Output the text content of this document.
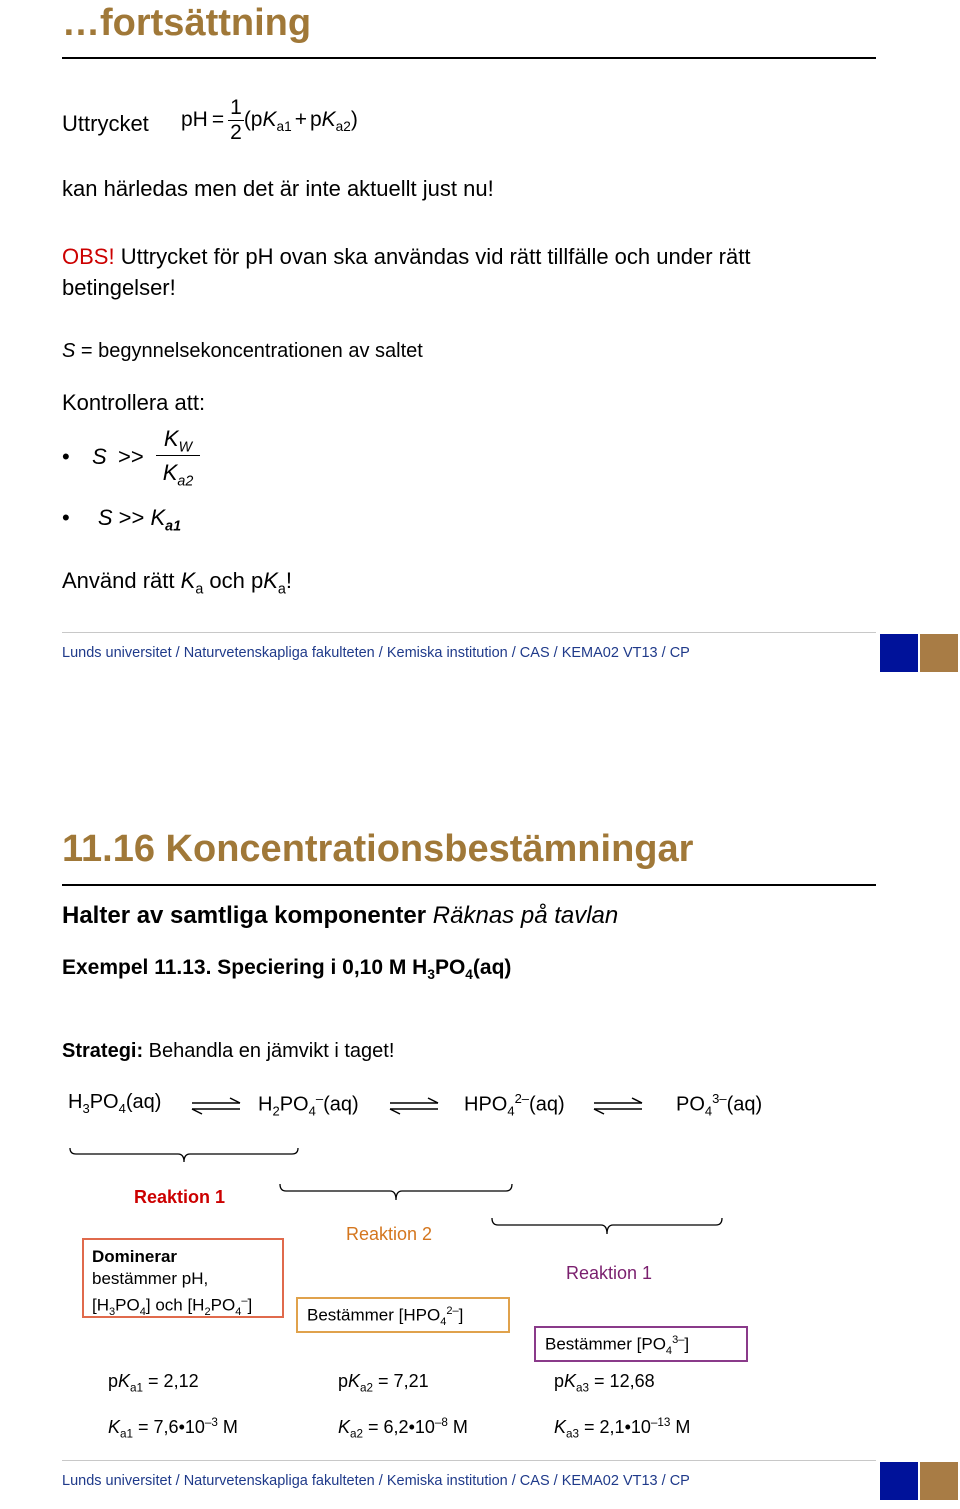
…fortsättning
Uttrycket pH = $\frac{1}{2} (pK_{a1} + pK_{a2})$
kan härledas men det är inte aktuellt just nu!
OBS! Uttrycket för pH ovan ska användas vid rätt tillfälle och under rätt
betingelser!
S = begynnelsekoncentrationen av saltet
Kontrollera att:
• S >>
$K_W$
$K_{a2}$
• $S >> K_{a1}$
Använd rätt $K_a$ och $pK_a$!
Lunds universitet / Naturvetenskapliga fakulteten / Kemiska institution / CAS / KEMA02 VT13 / CP
11.16 Koncentrationsbestämningar
Halter av samtliga komponenter Räknas på tavlan
Exempel 11.13. Speciering i 0,10 M $H_3PO_4(aq)$
Strategi: Behandla en jämvikt i taget!
$H_3PO_4(aq)$	$H_2PO_4^-(aq)$	$HPO_4^{2-}(aq)$	$PO_4^{3-}(aq)$
Reaktion 1
Reaktion 2
Reaktion 1
Dominerar
bestämmer pH,
$[H_3PO_4]$ och $[H_2PO_4^-]$
Bestämmer $[HPO_4^{2-}]$
Bestämmer $[PO_4^{3-}]$
$pK_{a1} = 2,12$	$pK_{a2} = 7,21$	$pK_{a3} = 12,68$
$K_{a1}$ = $7,6•10^{-3}$ M	$K_{a2}$ = $6,2•10^{-8}$ M	$K_{a3}$ = $2,1•10^{-13}$ M
Lunds universitet / Naturvetenskapliga fakulteten / Kemiska institution / CAS / KEMA02 VT13 / CP
